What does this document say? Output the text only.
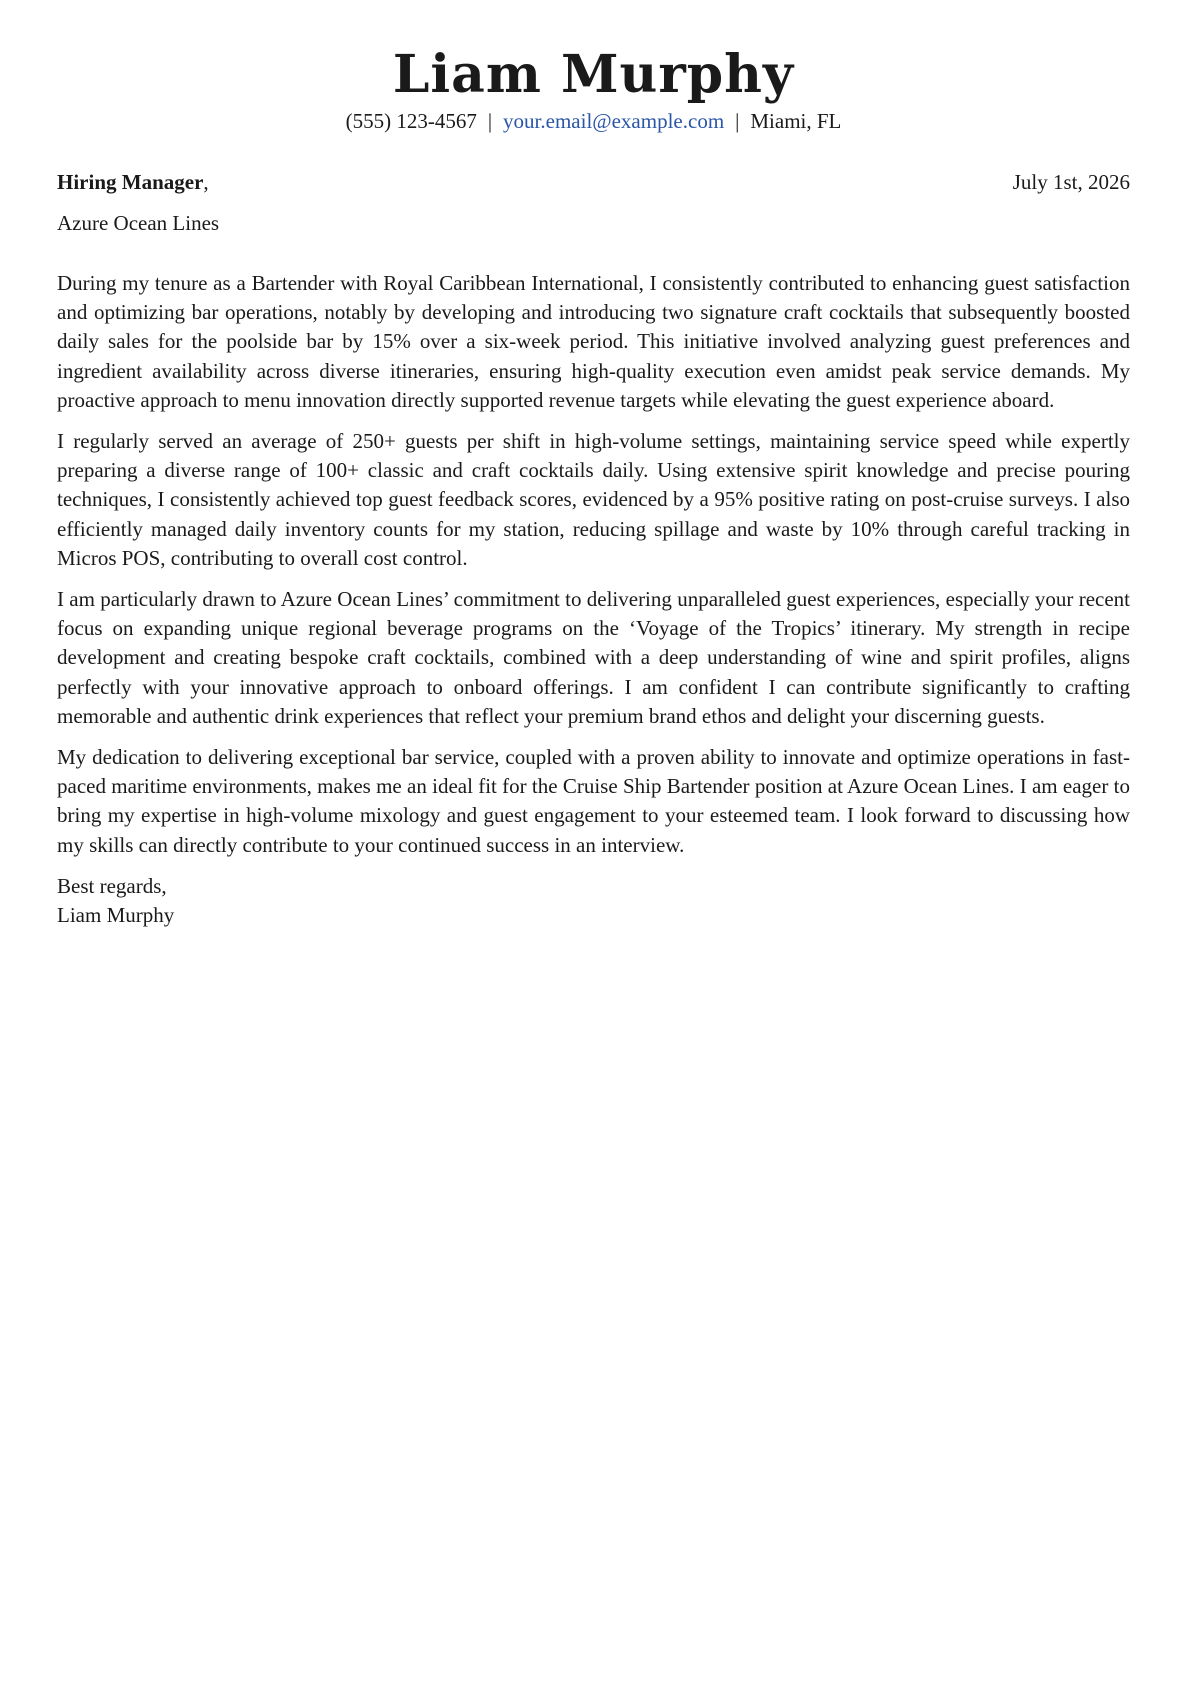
Liam Murphy
(555) 123-4567 | your.email@example.com | Miami, FL
Hiring Manager,	July 1st, 2026
Azure Ocean Lines

During my tenure as a Bartender with Royal Caribbean International, I consistently contributed to enhancing guest satisfaction and optimizing bar operations, notably by developing and introducing two signature craft cocktails that subsequently boosted daily sales for the poolside bar by 15% over a six-week period. This initiative involved analyzing guest preferences and ingredient availability across diverse itineraries, ensuring high-quality execution even amidst peak service demands. My proactive approach to menu innovation directly supported revenue targets while elevating the guest experience aboard.

I regularly served an average of 250+ guests per shift in high-volume settings, maintaining service speed while expertly preparing a diverse range of 100+ classic and craft cocktails daily. Using extensive spirit knowledge and precise pouring techniques, I consistently achieved top guest feedback scores, evidenced by a 95% positive rating on post-cruise surveys. I also efficiently managed daily inventory counts for my station, reducing spillage and waste by 10% through careful tracking in Micros POS, contributing to overall cost control.

I am particularly drawn to Azure Ocean Lines’ commitment to delivering unparalleled guest experiences, especially your recent focus on expanding unique regional beverage programs on the ‘Voyage of the Tropics’ itinerary. My strength in recipe development and creating bespoke craft cocktails, combined with a deep understanding of wine and spirit profiles, aligns perfectly with your innovative approach to onboard offerings. I am confident I can contribute significantly to crafting memorable and authentic drink experiences that reflect your premium brand ethos and delight your discerning guests.

My dedication to delivering exceptional bar service, coupled with a proven ability to innovate and optimize operations in fast-paced maritime environments, makes me an ideal fit for the Cruise Ship Bartender position at Azure Ocean Lines. I am eager to bring my expertise in high-volume mixology and guest engagement to your esteemed team. I look forward to discussing how my skills can directly contribute to your continued success in an interview.

Best regards,
Liam Murphy
